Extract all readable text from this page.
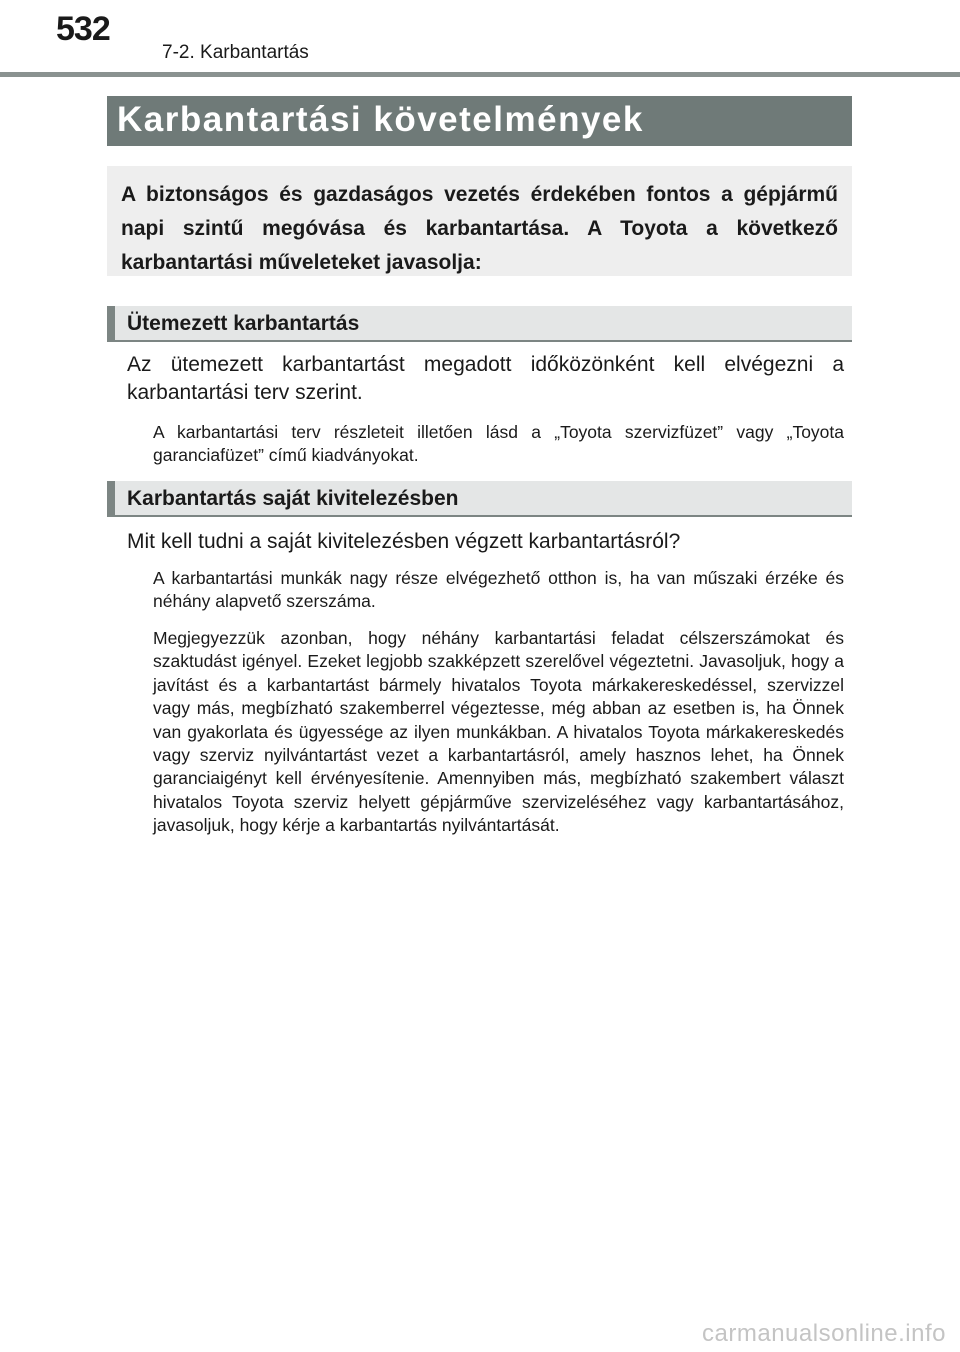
532
7-2. Karbantartás
Karbantartási követelmények

A biztonságos és gazdaságos vezetés érdekében fontos a gépjármű napi szintű megóvása és karbantartása. A Toyota a következő karbantartási műveleteket javasolja:

Ütemezett karbantartás

Az ütemezett karbantartást megadott időközönként kell elvégezni a karbantartási terv szerint.

A karbantartási terv részleteit illetően lásd a „Toyota szervizfüzet” vagy „Toyota garanciafüzet” című kiadványokat.

Karbantartás saját kivitelezésben

Mit kell tudni a saját kivitelezésben végzett karbantartásról?

A karbantartási munkák nagy része elvégezhető otthon is, ha van műszaki érzéke és néhány alapvető szerszáma.

Megjegyezzük azonban, hogy néhány karbantartási feladat célszerszámokat és szaktudást igényel. Ezeket legjobb szakképzett szerelővel végeztetni. Javasoljuk, hogy a javítást és a karbantartást bármely hivatalos Toyota márkakereskedéssel, szervizzel vagy más, megbízható szakemberrel végeztesse, még abban az esetben is, ha Önnek van gyakorlata és ügyessége az ilyen munkákban. A hivatalos Toyota márkakereskedés vagy szerviz nyilvántartást vezet a karbantartásról, amely hasznos lehet, ha Önnek garanciaigényt kell érvényesítenie. Amennyiben más, megbízható szakembert választ hivatalos Toyota szerviz helyett gépjárművе szervizeléséhez vagy karbantartásához, javasoljuk, hogy kérje a karbantartás nyilvántartását.

carmanualsonline.info
